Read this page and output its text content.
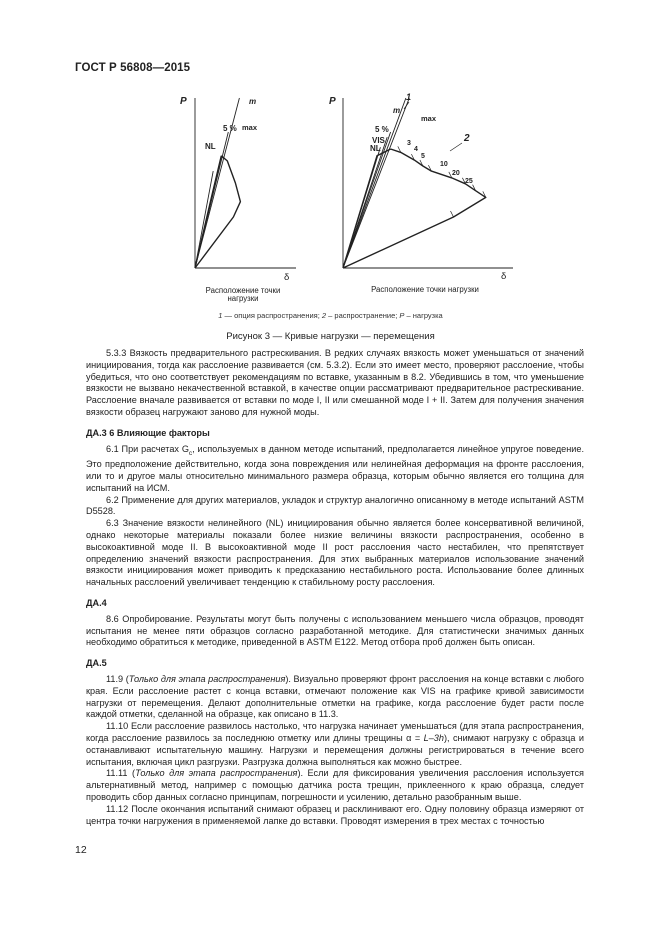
ГОСТ Р 56808—2015
P
δ
Расположение точки
нагрузки
m
5 % max
NL
P
δ
Расположение точки нагрузки
m
1
5 %
VIS
NL
max
2
3
4
5
10
20
25
1 — опция распространения; 2 – распространение; P – нагрузка
Рисунок 3 — Кривые нагрузки — перемещения

5.3.3 Вязкость предварительного растрескивания. В редких случаях вязкость может уменьшаться от значений инициирования, тогда как расслоение развивается (см. 5.3.2). Если это имеет место, проверяют расслоение, чтобы убедиться, что оно соответствует рекомендациям по вставке, указанным в 8.2. Убедившись в том, что уменьшение вязкости не вызвано некачественной вставкой, в качестве опции рассматривают предварительное растрескивание. Расслоение вначале развивается от вставки по моде I, II или смешанной моде I + II. Затем для получения значения вязкости образец нагружают заново для нужной моды.

ДА.3 6 Влияющие факторы

6.1 При расчетах $G_c$, используемых в данном методе испытаний, предполагается линейное упругое поведение. Это предположение действительно, когда зона повреждения или нелинейная деформация на фронте расслоения, или то и другое малы относительно минимального размера образца, которым обычно является его толщина для испытаний на ИСМ.

6.2 Применение для других материалов, укладок и структур аналогично описанному в методе испытаний ASTM D5528.

6.3 Значение вязкости нелинейного (NL) инициирования обычно является более консервативной величиной, однако некоторые материалы показали более низкие величины вязкости распространения, особенно в высокоактивной моде II. В высокоактивной моде II рост расслоения часто нестабилен, что препятствует определению значений вязкости распространения. Для этих выбранных материалов использование значений вязкости инициирования может приводить к предсказанию нестабильного роста. Использование более длинных начальных расслоений увеличивает тенденцию к стабильному росту расслоения.

ДА.4

8.6 Опробирование. Результаты могут быть получены с использованием меньшего числа образцов, проводят испытания не менее пяти образцов согласно разработанной методике. Для статистически значимых данных необходимо обратиться к методике, приведенной в ASTM E122. Метод отбора проб должен быть описан.

ДА.5

11.9 (Только для этапа распространения). Визуально проверяют фронт расслоения на конце вставки с любого края. Если расслоение растет с конца вставки, отмечают положение как VIS на графике кривой зависимости нагрузки от перемещения. Делают дополнительные отметки на графике, когда расслоение будет расти после каждой отметки, сделанной на образце, как описано в 11.3.

11.10 Если расслоение развилось настолько, что нагрузка начинает уменьшаться (для этапа распространения, когда расслоение развилось за последнюю отметку или длины трещины α = L–3h), снимают нагрузку с образца и останавливают испытательную машину. Нагрузки и перемещения должны регистрироваться в течение всего испытания, включая цикл разгрузки. Разгрузка должна выполняться как можно быстрее.

11.11 (Только для этапа распространения). Если для фиксирования увеличения расслоения используется альтернативный метод, например с помощью датчика роста трещин, приклеенного к краю образца, следует проводить сбор данных согласно принципам, погрешности и усилению, детально разобранным выше.

11.12 После окончания испытаний снимают образец и расклинивают его. Одну половину образца измеряют от центра точки нагружения в применяемой лапке до вставки. Проводят измерения в трех местах с точностью

12
